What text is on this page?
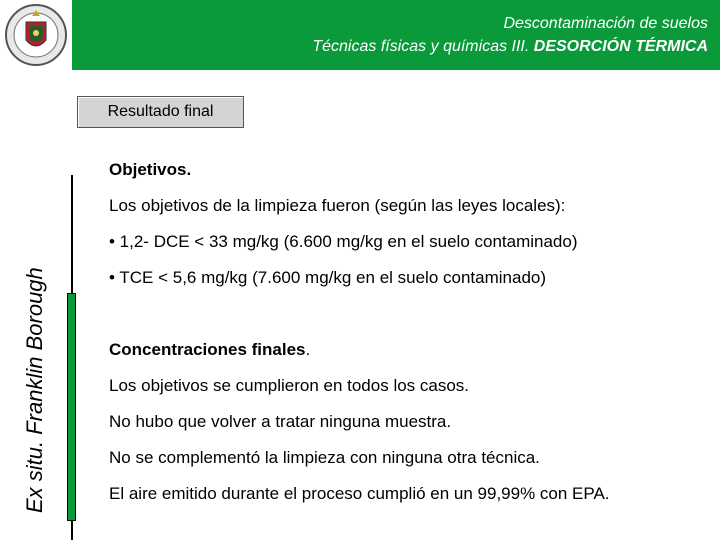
Descontaminación de suelos
Técnicas físicas y químicas III. DESORCIÓN TÉRMICA
Resultado final
Ex situ. Franklin Borough
Objetivos.
Los objetivos de la limpieza fueron (según las leyes locales):
• 1,2- DCE < 33 mg/kg (6.600 mg/kg en el suelo contaminado)
• TCE < 5,6 mg/kg (7.600 mg/kg en el suelo contaminado)
Concentraciones finales.
Los objetivos se cumplieron en todos los casos.
No hubo que volver a tratar ninguna muestra.
No se complementó la limpieza con ninguna otra técnica.
El aire emitido durante el proceso cumplió en un 99,99% con EPA.
